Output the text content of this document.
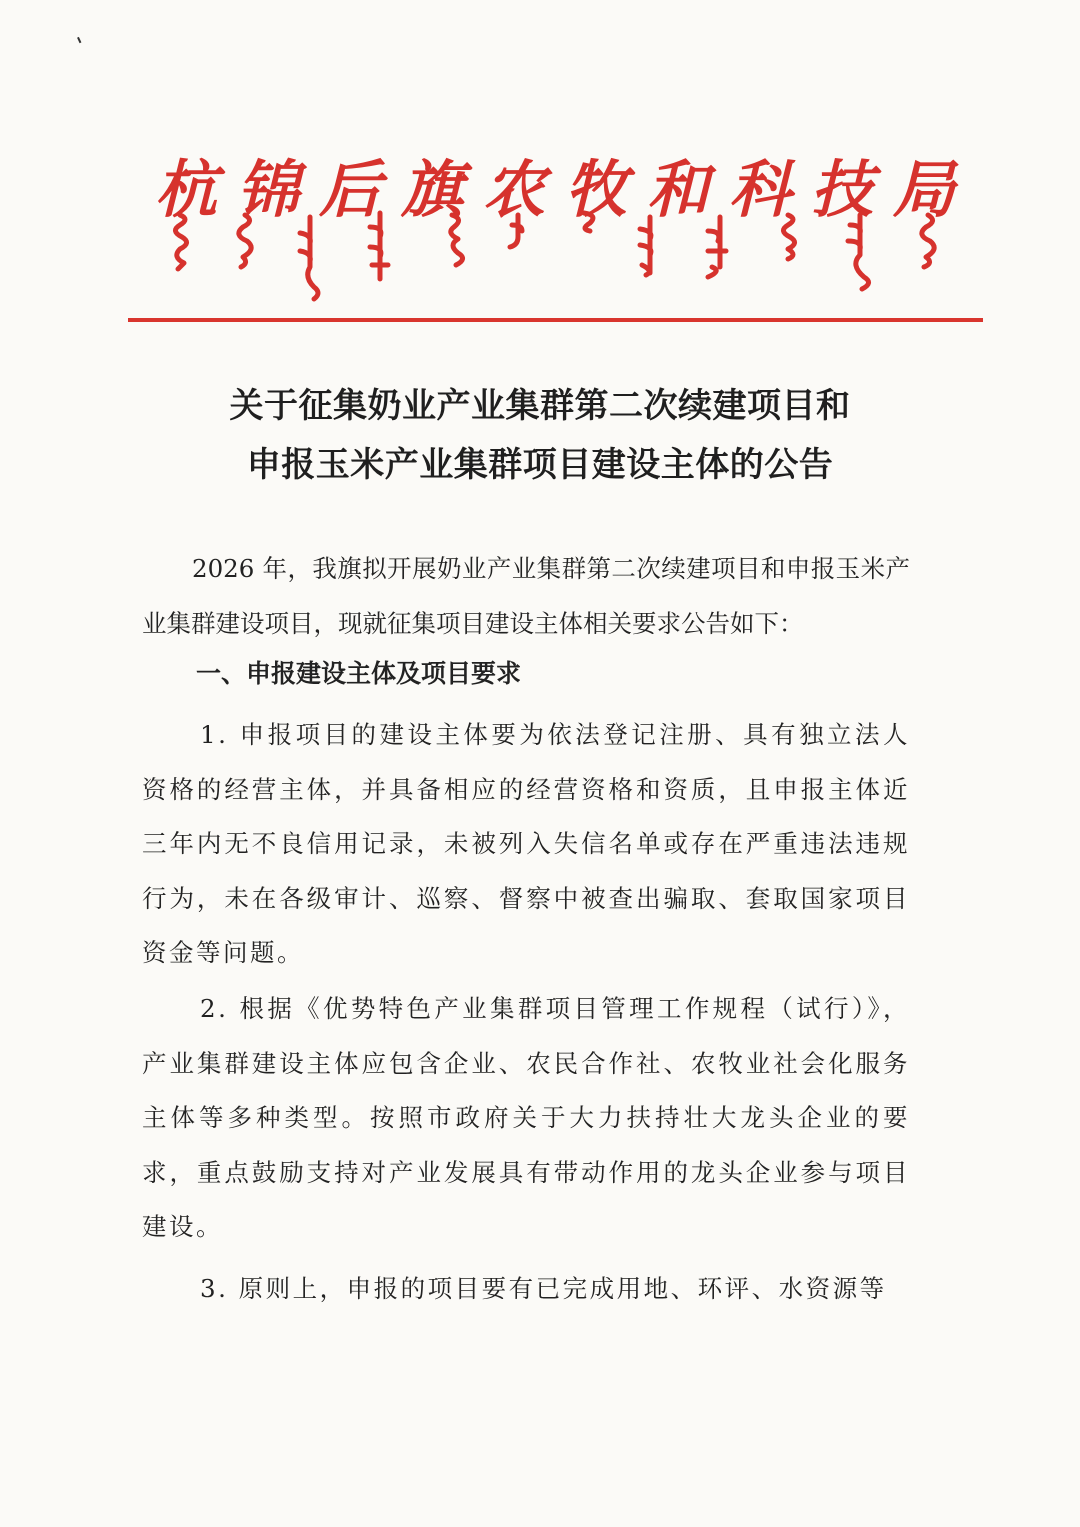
杭 锦 后 旗 农 牧 和 科 技 局
关于征集奶业产业集群第二次续建项目和
申报玉米产业集群项目建设主体的公告
2026 年，我旗拟开展奶业产业集群第二次续建项目和申报玉米产业集群建设项目，现就征集项目建设主体相关要求公告如下：
一、申报建设主体及项目要求
1. 申报项目的建设主体要为依法登记注册、具有独立法人资格的经营主体，并具备相应的经营资格和资质，且申报主体近三年内无不良信用记录，未被列入失信名单或存在严重违法违规行为，未在各级审计、巡察、督察中被查出骗取、套取国家项目资金等问题。
2. 根据《优势特色产业集群项目管理工作规程（试行）》，产业集群建设主体应包含企业、农民合作社、农牧业社会化服务主体等多种类型。按照市政府关于大力扶持壮大龙头企业的要求，重点鼓励支持对产业发展具有带动作用的龙头企业参与项目建设。
3. 原则上，申报的项目要有已完成用地、环评、水资源等
